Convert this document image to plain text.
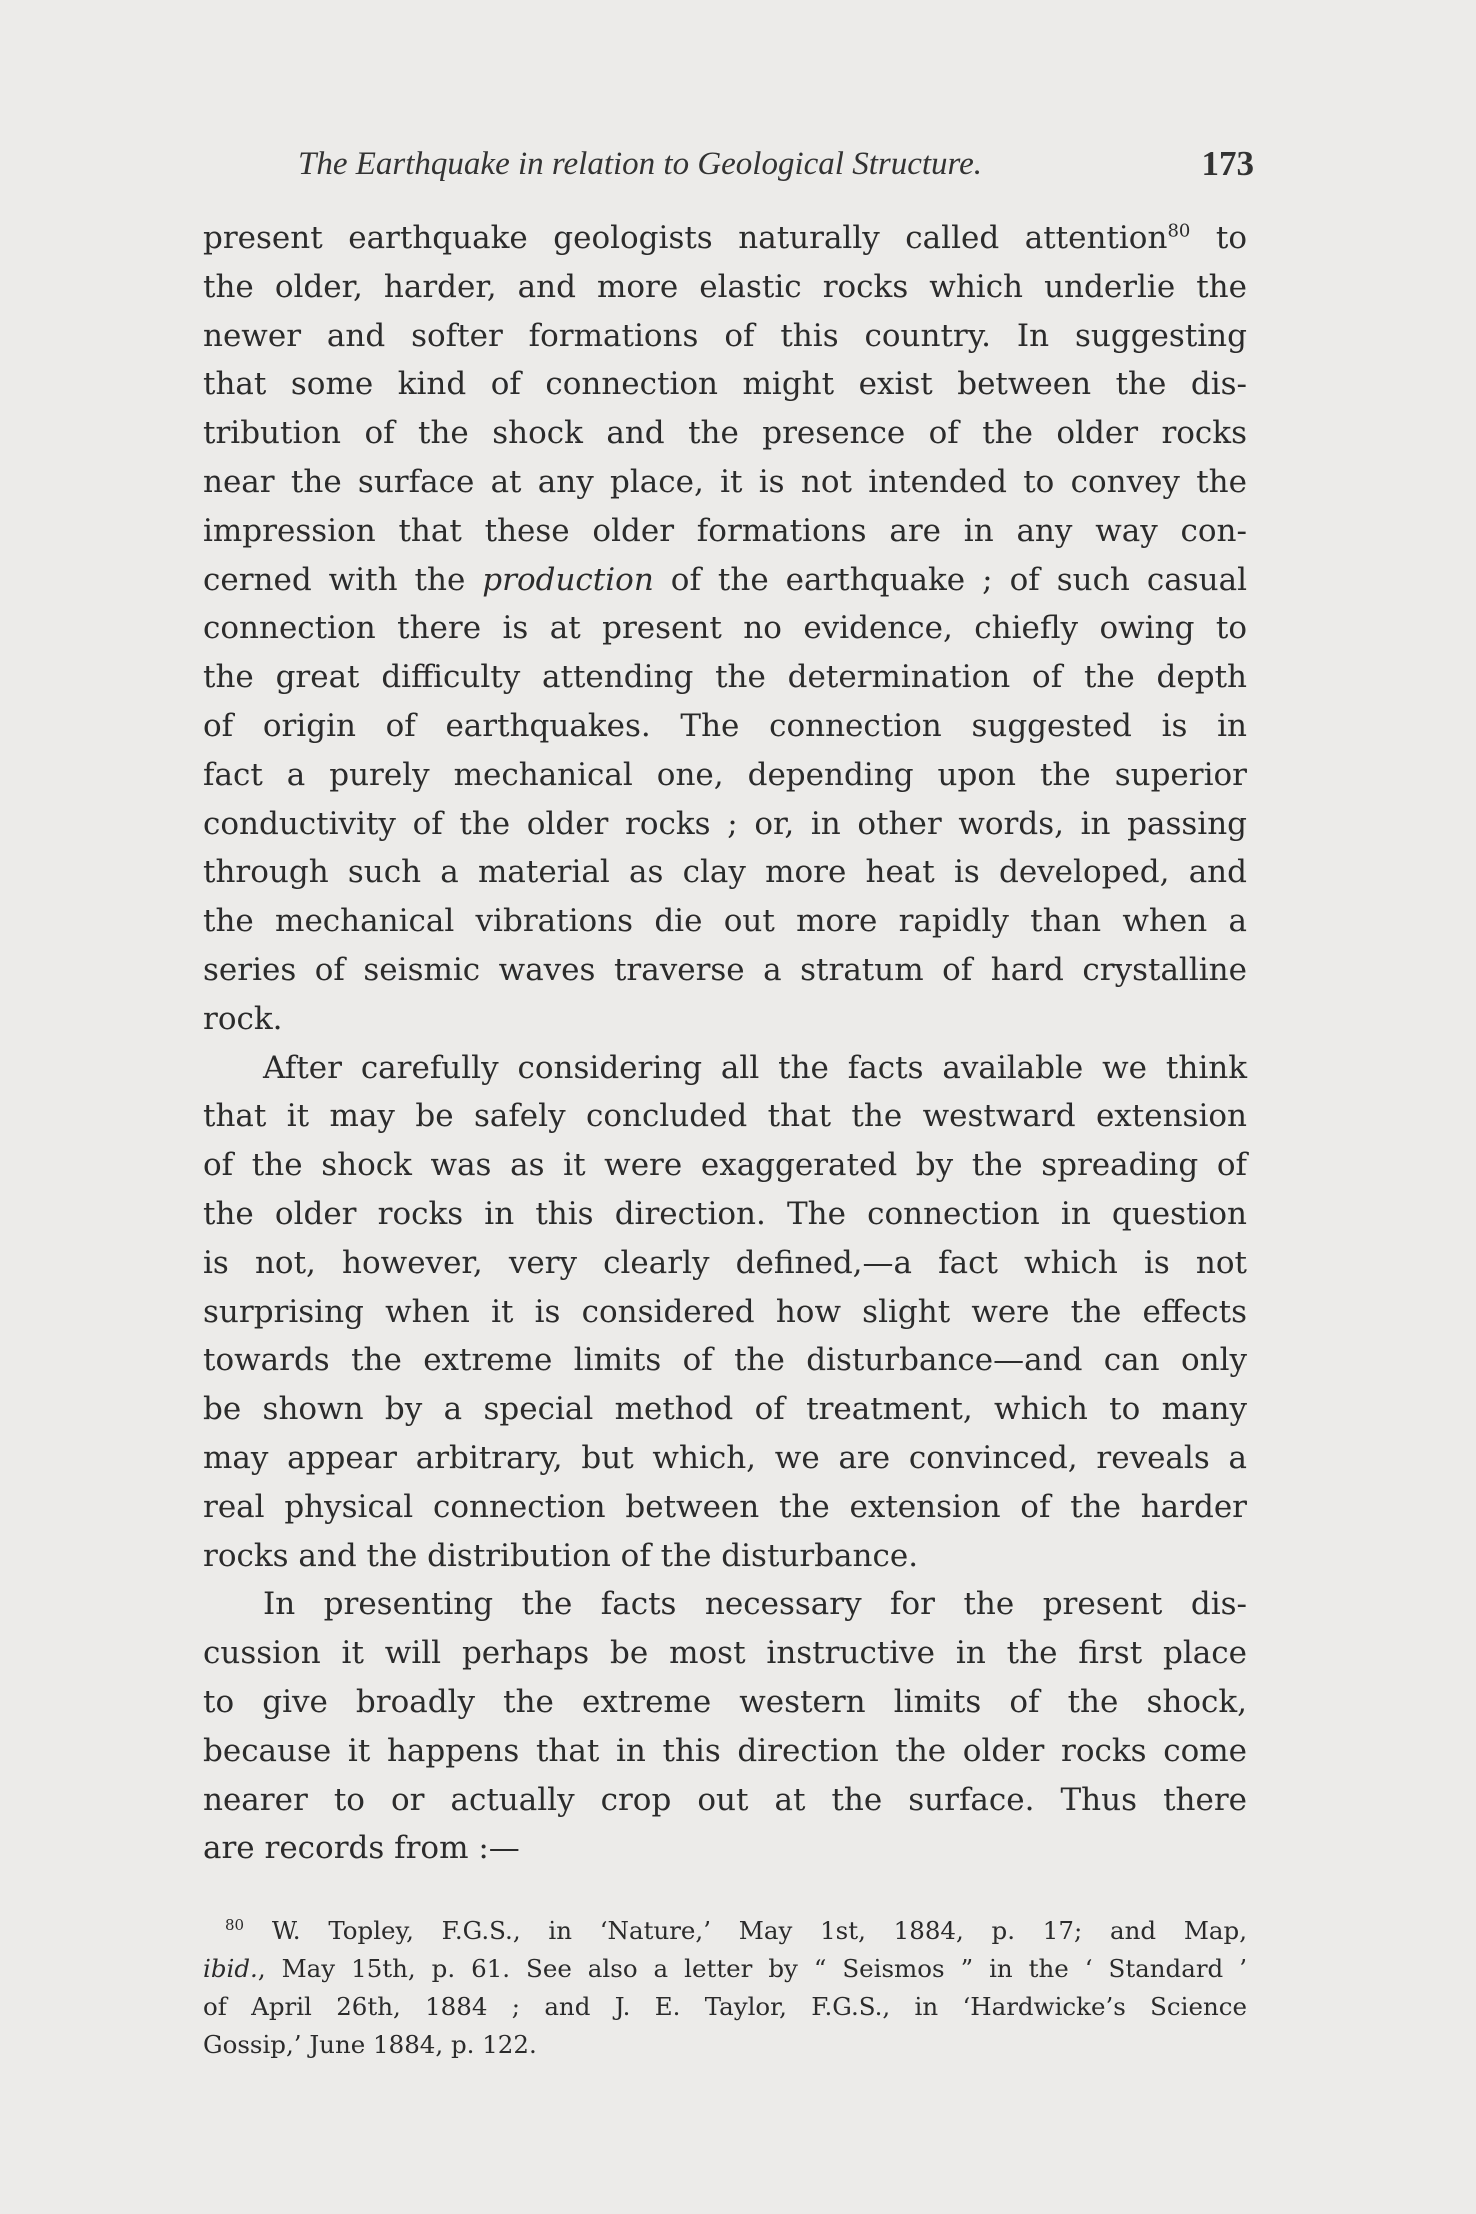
The Earthquake in relation to Geological Structure.	173
present earthquake geologists naturally called attention$^{80}$ to
the older, harder, and more elastic rocks which underlie the
newer and softer formations of this country. In suggesting
that some kind of connection might exist between the dis-
tribution of the shock and the presence of the older rocks
near the surface at any place, it is not intended to convey the
impression that these older formations are in any way con-
cerned with the production of the earthquake ; of such casual
connection there is at present no evidence, chiefly owing to
the great difficulty attending the determination of the depth
of origin of earthquakes. The connection suggested is in
fact a purely mechanical one, depending upon the superior
conductivity of the older rocks ; or, in other words, in passing
through such a material as clay more heat is developed, and
the mechanical vibrations die out more rapidly than when a
series of seismic waves traverse a stratum of hard crystalline
rock.
After carefully considering all the facts available we think
that it may be safely concluded that the westward extension
of the shock was as it were exaggerated by the spreading of
the older rocks in this direction. The connection in question
is not, however, very clearly defined,—a fact which is not
surprising when it is considered how slight were the effects
towards the extreme limits of the disturbance—and can only
be shown by a special method of treatment, which to many
may appear arbitrary, but which, we are convinced, reveals a
real physical connection between the extension of the harder
rocks and the distribution of the disturbance.
In presenting the facts necessary for the present dis-
cussion it will perhaps be most instructive in the first place
to give broadly the extreme western limits of the shock,
because it happens that in this direction the older rocks come
nearer to or actually crop out at the surface. Thus there
are records from :—
$^{80}$ W. Topley, F.G.S., in ‘Nature,’ May 1st, 1884, p. 17; and Map,
ibid., May 15th, p. 61. See also a letter by “ Seismos ” in the ‘ Standard ’
of April 26th, 1884 ; and J. E. Taylor, F.G.S., in ‘Hardwicke’s Science
Gossip,’ June 1884, p. 122.
